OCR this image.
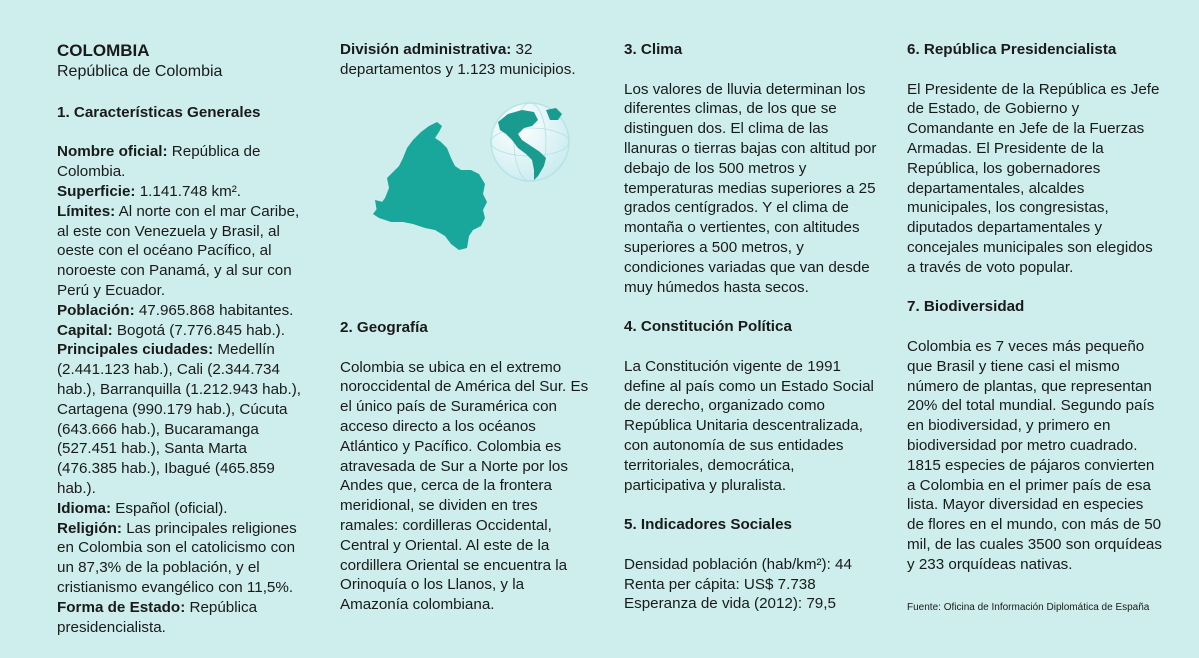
COLOMBIA
República de Colombia
1. Características Generales
Nombre oficial: República de Colombia.
Superficie: 1.141.748 km².
Límites: Al norte con el mar Caribe, al este con Venezuela y Brasil, al oeste con el océano Pacífico, al noroeste con Panamá, y al sur con Perú y Ecuador.
Población: 47.965.868 habitantes.
Capital: Bogotá (7.776.845 hab.).
Principales ciudades: Medellín (2.441.123 hab.), Cali (2.344.734 hab.), Barranquilla (1.212.943 hab.), Cartagena (990.179 hab.), Cúcuta (643.666 hab.), Bucaramanga (527.451 hab.), Santa Marta (476.385 hab.), Ibagué (465.859 hab.).
Idioma: Español (oficial).
Religión: Las principales religiones en Colombia son el catolicismo con un 87,3% de la población, y el cristianismo evangélico con 11,5%.
Forma de Estado: República presidencialista.
División administrativa: 32 departamentos y 1.123 municipios.
2. Geografía
Colombia se ubica en el extremo noroccidental de América del Sur. Es el único país de Suramérica con acceso directo a los océanos Atlántico y Pacífico. Colombia es atravesada de Sur a Norte por los Andes que, cerca de la frontera meridional, se dividen en tres ramales: cordilleras Occidental, Central y Oriental. Al este de la cordillera Oriental se encuentra la Orinoquía o los Llanos, y la Amazonía colombiana.
3. Clima
Los valores de lluvia determinan los diferentes climas, de los que se distinguen dos. El clima de las llanuras o tierras bajas con altitud por debajo de los 500 metros y temperaturas medias superiores a 25 grados centígrados. Y el clima de montaña o vertientes, con altitudes superiores a 500 metros, y condiciones variadas que van desde muy húmedos hasta secos.
4. Constitución Política
La Constitución vigente de 1991 define al país como un Estado Social de derecho, organizado como República Unitaria descentralizada, con autonomía de sus entidades territoriales, democrática, participativa y pluralista.
5. Indicadores Sociales
Densidad población (hab/km²): 44
Renta per cápita: US$ 7.738
Esperanza de vida (2012): 79,5
6. República Presidencialista
El Presidente de la República es Jefe de Estado, de Gobierno y Comandante en Jefe de la Fuerzas Armadas. El Presidente de la República, los gobernadores departamentales, alcaldes municipales, los congresistas, diputados departamentales y concejales municipales son elegidos a través de voto popular.
7. Biodiversidad
Colombia es 7 veces más pequeño que Brasil y tiene casi el mismo número de plantas, que representan 20% del total mundial. Segundo país en biodiversidad, y primero en biodiversidad por metro cuadrado. 1815 especies de pájaros convierten a Colombia en el primer país de esa lista. Mayor diversidad en especies de flores en el mundo, con más de 50 mil, de las cuales 3500 son orquídeas y 233 orquídeas nativas.
Fuente: Oficina de Información Diplomática de España
